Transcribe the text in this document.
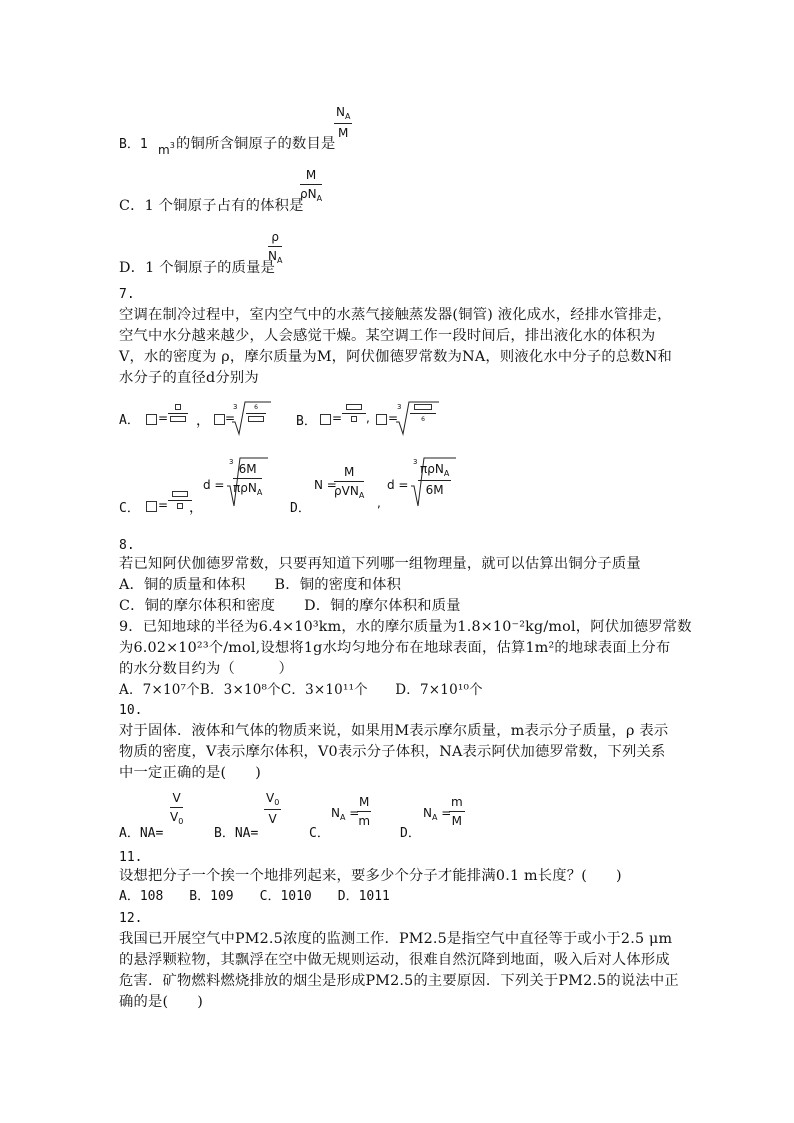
$\frac{N_A}{M}$
B．1 $m^3$ 的铜所含铜原子的数目是
M
$\rho N_A$
C．1 个铜原子占有的体积是
$\frac{\rho}{N_A}$
D．1 个铜原子的质量是
7.
空调在制冷过程中，室内空气中的水蒸气接触蒸发器(铜管) 液化成水，经排水管排走，
空气中水分越来越少，人会感觉干燥。某空调工作一段时间后，排出液化水的体积为
V，水的密度为 ρ，摩尔质量为M，阿伏伽德罗常数为NA，则液化水中分子的总数N和
水分子的直径d分别为
A． = ， =
3	6
B． = , =
3
6
C． = ，
d =
3 6M
πρN$_A$
D．
N =
M
ρVN$_A$
,
d =
3 πρN$_A$
6M
8.
若已知阿伏伽德罗常数，只要再知道下列哪一组物理量，就可以估算出铜分子质量
A．铜的质量和体积　　B．铜的密度和体积
C．铜的摩尔体积和密度　　D．铜的摩尔体积和质量
9．已知地球的半径为6.4×10³km，水的摩尔质量为1.8×10⁻²kg/mol，阿伏加德罗常数
为6.02×10²³个/mol,设想将1g水均匀地分布在地球表面，估算1m²的地球表面上分布
的水分数目约为（　　　）
A．7×10⁷个B．3×10⁸个C．3×10¹¹个　　D．7×10¹⁰个
10.
对于固体．液体和气体的物质来说，如果用M表示摩尔质量，m表示分子质量，ρ 表示
物质的密度，V表示摩尔体积，V0表示分子体积，NA表示阿伏加德罗常数，下列关系
中一定正确的是(　　)
A．NA=
$\frac{V}{V_0}$
B．NA=
$\frac{V_0}{V}$
C．
$N_A$ =
$\frac{M}{m}$
D．
$N_A$ =
$\frac{m}{M}$
11.
设想把分子一个挨一个地排列起来，要多少个分子才能排满0.1 m长度？(　　)
A．108　　B．109　　C．1010　　D．1011
12.
我国已开展空气中PM2.5浓度的监测工作．PM2.5是指空气中直径等于或小于2.5 μm
的悬浮颗粒物，其飘浮在空中做无规则运动，很难自然沉降到地面，吸入后对人体形成
危害．矿物燃料燃烧排放的烟尘是形成PM2.5的主要原因．下列关于PM2.5的说法中正
确的是(　　)
